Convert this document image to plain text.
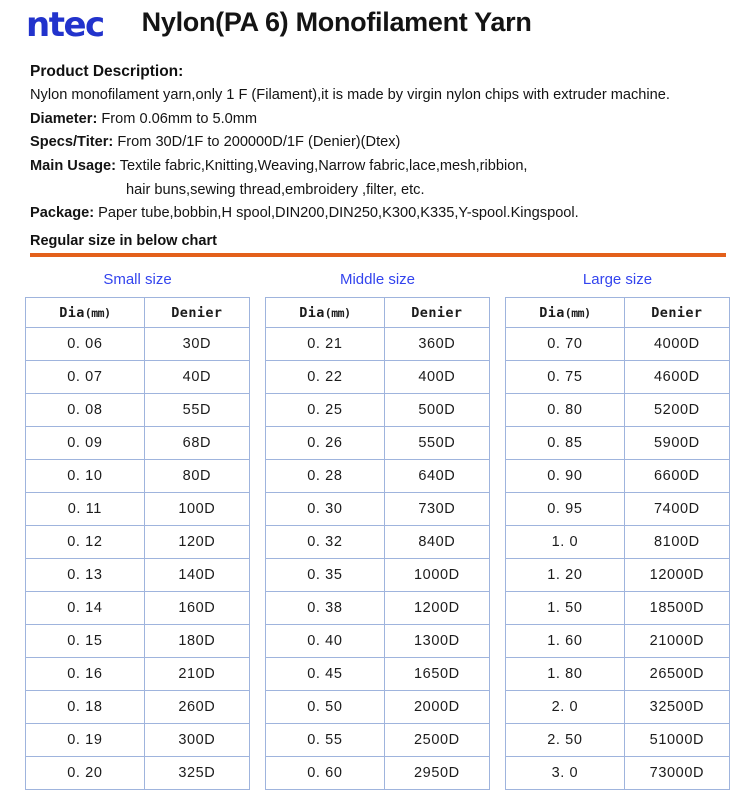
ntec Nylon(PA 6) Monofilament Yarn
Product Description:
Nylon monofilament yarn,only 1 F (Filament),it is made by virgin nylon chips with extruder machine.
Diameter: From 0.06mm to 5.0mm
Specs/Titer: From 30D/1F to 200000D/1F (Denier)(Dtex)
Main Usage: Textile fabric,Knitting,Weaving,Narrow fabric,lace,mesh,ribbion,
hair buns,sewing thread,embroidery ,filter, etc.
Package: Paper tube,bobbin,H spool,DIN200,DIN250,K300,K335,Y-spool.Kingspool.
Regular size in below chart
Small size
Dia(mm)	Denier
0. 06	30D
0. 07	40D
0. 08	55D
0. 09	68D
0. 10	80D
0. 11	100D
0. 12	120D
0. 13	140D
0. 14	160D
0. 15	180D
0. 16	210D
0. 18	260D
0. 19	300D
0. 20	325D
Middle size
Dia(mm)	Denier
0. 21	360D
0. 22	400D
0. 25	500D
0. 26	550D
0. 28	640D
0. 30	730D
0. 32	840D
0. 35	1000D
0. 38	1200D
0. 40	1300D
0. 45	1650D
0. 50	2000D
0. 55	2500D
0. 60	2950D
Large size
Dia(mm)	Denier
0. 70	4000D
0. 75	4600D
0. 80	5200D
0. 85	5900D
0. 90	6600D
0. 95	7400D
1. 0	8100D
1. 20	12000D
1. 50	18500D
1. 60	21000D
1. 80	26500D
2. 0	32500D
2. 50	51000D
3. 0	73000D
